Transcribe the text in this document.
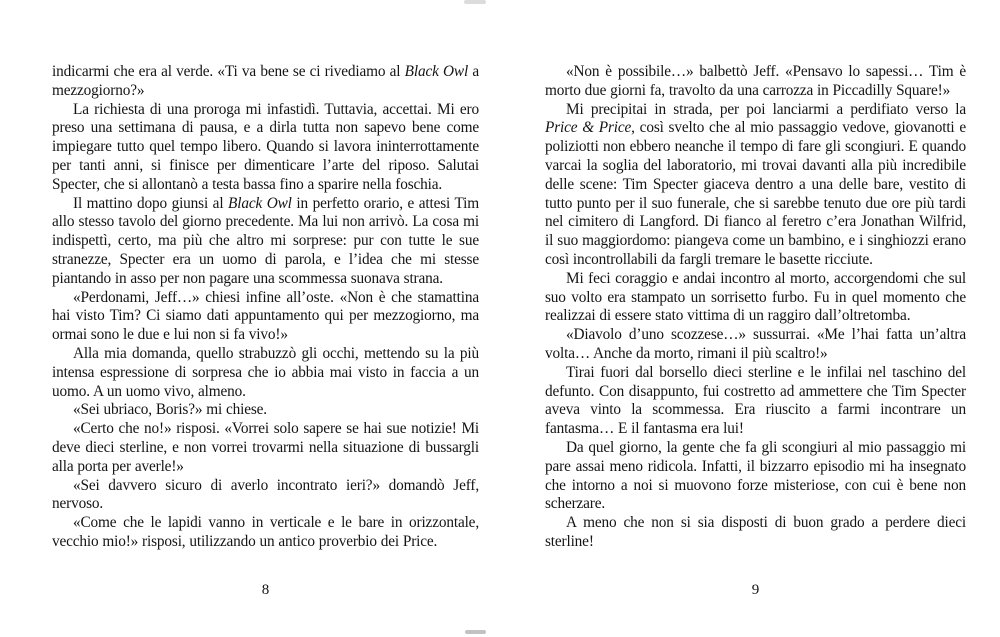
indicarmi che era al verde. «Ti va bene se ci rivediamo al Black Owl a mezzogiorno?»

La richiesta di una proroga mi infastidì. Tuttavia, accettai. Mi ero preso una settimana di pausa, e a dirla tutta non sapevo bene come impiegare tutto quel tempo libero. Quando si lavora ininterrottamente per tanti anni, si finisce per dimenticare l’arte del riposo. Salutai Specter, che si allontanò a testa bassa fino a sparire nella foschia.

Il mattino dopo giunsi al Black Owl in perfetto orario, e attesi Tim allo stesso tavolo del giorno precedente. Ma lui non arrivò. La cosa mi indispettì, certo, ma più che altro mi sorprese: pur con tutte le sue stranezze, Specter era un uomo di parola, e l’idea che mi stesse piantando in asso per non pagare una scommessa suonava strana.

«Perdonami, Jeff…» chiesi infine all’oste. «Non è che stamattina hai visto Tim? Ci siamo dati appuntamento qui per mezzogiorno, ma ormai sono le due e lui non si fa vivo!»

Alla mia domanda, quello strabuzzò gli occhi, mettendo su la più intensa espressione di sorpresa che io abbia mai visto in faccia a un uomo. A un uomo vivo, almeno.

«Sei ubriaco, Boris?» mi chiese.

«Certo che no!» risposi. «Vorrei solo sapere se hai sue notizie! Mi deve dieci sterline, e non vorrei trovarmi nella situazione di bussargli alla porta per averle!»

«Sei davvero sicuro di averlo incontrato ieri?» domandò Jeff, nervoso.

«Come che le lapidi vanno in verticale e le bare in orizzontale, vecchio mio!» risposi, utilizzando un antico proverbio dei Price.

8

«Non è possibile…» balbettò Jeff. «Pensavo lo sapessi… Tim è morto due giorni fa, travolto da una carrozza in Piccadilly Square!»

Mi precipitai in strada, per poi lanciarmi a perdifiato verso la Price & Price, così svelto che al mio passaggio vedove, giovanotti e poliziotti non ebbero neanche il tempo di fare gli scongiuri. E quando varcai la soglia del laboratorio, mi trovai davanti alla più incredibile delle scene: Tim Specter giaceva dentro a una delle bare, vestito di tutto punto per il suo funerale, che si sarebbe tenuto due ore più tardi nel cimitero di Langford. Di fianco al feretro c’era Jonathan Wilfrid, il suo maggiordomo: piangeva come un bambino, e i singhiozzi erano così incontrollabili da fargli tremare le basette ricciute.

Mi feci coraggio e andai incontro al morto, accorgendomi che sul suo volto era stampato un sorrisetto furbo. Fu in quel momento che realizzai di essere stato vittima di un raggiro dall’oltretomba.

«Diavolo d’uno scozzese…» sussurrai. «Me l’hai fatta un’altra volta… Anche da morto, rimani il più scaltro!»

Tirai fuori dal borsello dieci sterline e le infilai nel taschino del defunto. Con disappunto, fui costretto ad ammettere che Tim Specter aveva vinto la scommessa. Era riuscito a farmi incontrare un fantasma… E il fantasma era lui!

Da quel giorno, la gente che fa gli scongiuri al mio passaggio mi pare assai meno ridicola. Infatti, il bizzarro episodio mi ha insegnato che intorno a noi si muovono forze misteriose, con cui è bene non scherzare.

A meno che non si sia disposti di buon grado a perdere dieci sterline!

9
